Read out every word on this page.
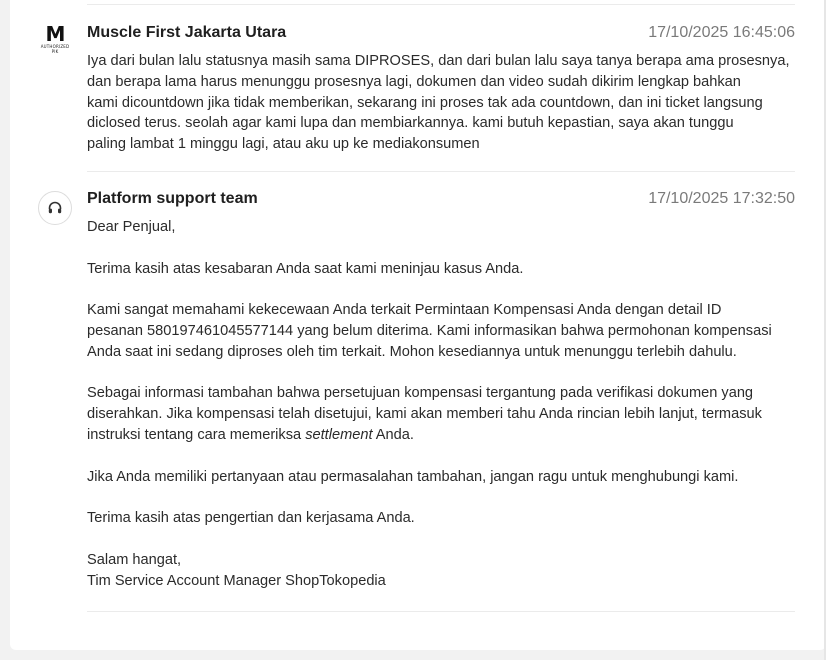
M
AUTHORIZED
PIK
Muscle First Jakarta Utara	17/10/2025 16:45:06

Iya dari bulan lalu statusnya masih sama DIPROSES, dan dari bulan lalu saya tanya berapa ama prosesnya,

dan berapa lama harus menunggu prosesnya lagi, dokumen dan video sudah dikirim lengkap bahkan

kami dicountdown jika tidak memberikan, sekarang ini proses tak ada countdown, dan ini ticket langsung

diclosed terus. seolah agar kami lupa dan membiarkannya. kami butuh kepastian, saya akan tunggu

paling lambat 1 minggu lagi, atau aku up ke mediakonsumen

Platform support team	17/10/2025 17:32:50

Dear Penjual,

Terima kasih atas kesabaran Anda saat kami meninjau kasus Anda.

Kami sangat memahami kekecewaan Anda terkait Permintaan Kompensasi Anda dengan detail ID

pesanan 580197461045577144 yang belum diterima. Kami informasikan bahwa permohonan kompensasi

Anda saat ini sedang diproses oleh tim terkait. Mohon kesediannya untuk menunggu terlebih dahulu.

Sebagai informasi tambahan bahwa persetujuan kompensasi tergantung pada verifikasi dokumen yang

diserahkan. Jika kompensasi telah disetujui, kami akan memberi tahu Anda rincian lebih lanjut, termasuk

instruksi tentang cara memeriksa settlement Anda.

Jika Anda memiliki pertanyaan atau permasalahan tambahan, jangan ragu untuk menghubungi kami.

Terima kasih atas pengertian dan kerjasama Anda.

Salam hangat,

Tim Service Account Manager ShopTokopedia
